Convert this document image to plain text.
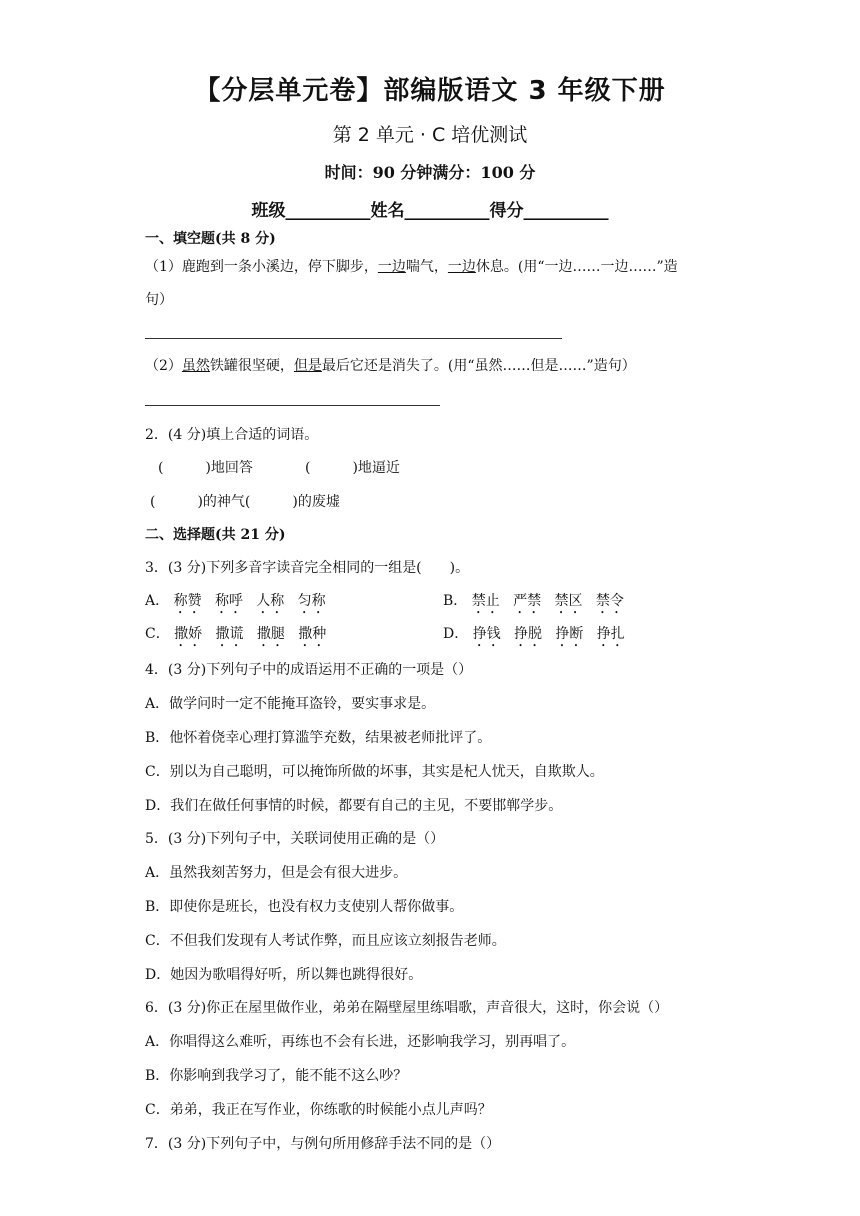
【分层单元卷】部编版语文 3 年级下册
第 2 单元 · C 培优测试
时间：90 分钟满分：100 分
班级__________姓名__________得分__________
一、填空题(共 8 分)
（1）鹿跑到一条小溪边，停下脚步，一边喘气，一边休息。(用“一边……一边……”造
句）
（2）虽然铁罐很坚硬，但是最后它还是消失了。(用“虽然……但是……”造句）
2．(4 分)填上合适的词语。
(　　　)地回答	(　　　)地逼近
(　　　)的神气(　　　)的废墟
二、选择题(共 21 分)
3．(3 分)下列多音字读音完全相同的一组是(　　)。
A． 称赞 称呼 人称 匀称	B． 禁止 严禁 禁区 禁令
C． 撒娇 撒谎 撒腿 撒种	D． 挣钱 挣脱 挣断 挣扎
4．(3 分)下列句子中的成语运用不正确的一项是（）
A．做学问时一定不能掩耳盗铃，要实事求是。
B．他怀着侥幸心理打算滥竽充数，结果被老师批评了。
C．别以为自己聪明，可以掩饰所做的坏事，其实是杞人忧天，自欺欺人。
D．我们在做任何事情的时候，都要有自己的主见，不要邯郸学步。
5．(3 分)下列句子中，关联词使用正确的是（）
A．虽然我刻苦努力，但是会有很大进步。
B．即使你是班长，也没有权力支使别人帮你做事。
C．不但我们发现有人考试作弊，而且应该立刻报告老师。
D．她因为歌唱得好听，所以舞也跳得很好。
6．(3 分)你正在屋里做作业，弟弟在隔壁屋里练唱歌，声音很大，这时，你会说（）
A．你唱得这么难听，再练也不会有长进，还影响我学习，别再唱了。
B．你影响到我学习了，能不能不这么吵？
C．弟弟，我正在写作业，你练歌的时候能小点儿声吗？
7．(3 分)下列句子中，与例句所用修辞手法不同的是（）
